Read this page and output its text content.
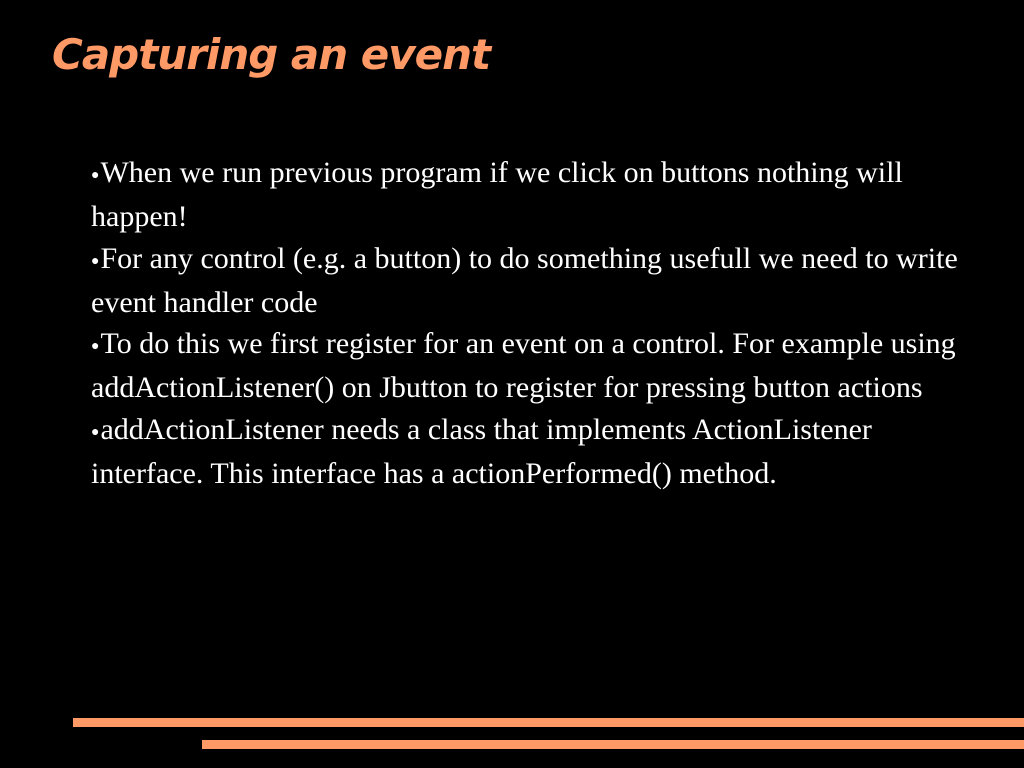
Capturing an event
●When we run previous program if we click on buttons nothing will happen!
●For any control (e.g. a button) to do something usefull we need to write event handler code
●To do this we first register for an event on a control. For example using addActionListener() on Jbutton to register for pressing button actions
●addActionListener needs a class that implements ActionListener interface. This interface has a actionPerformed() method.
